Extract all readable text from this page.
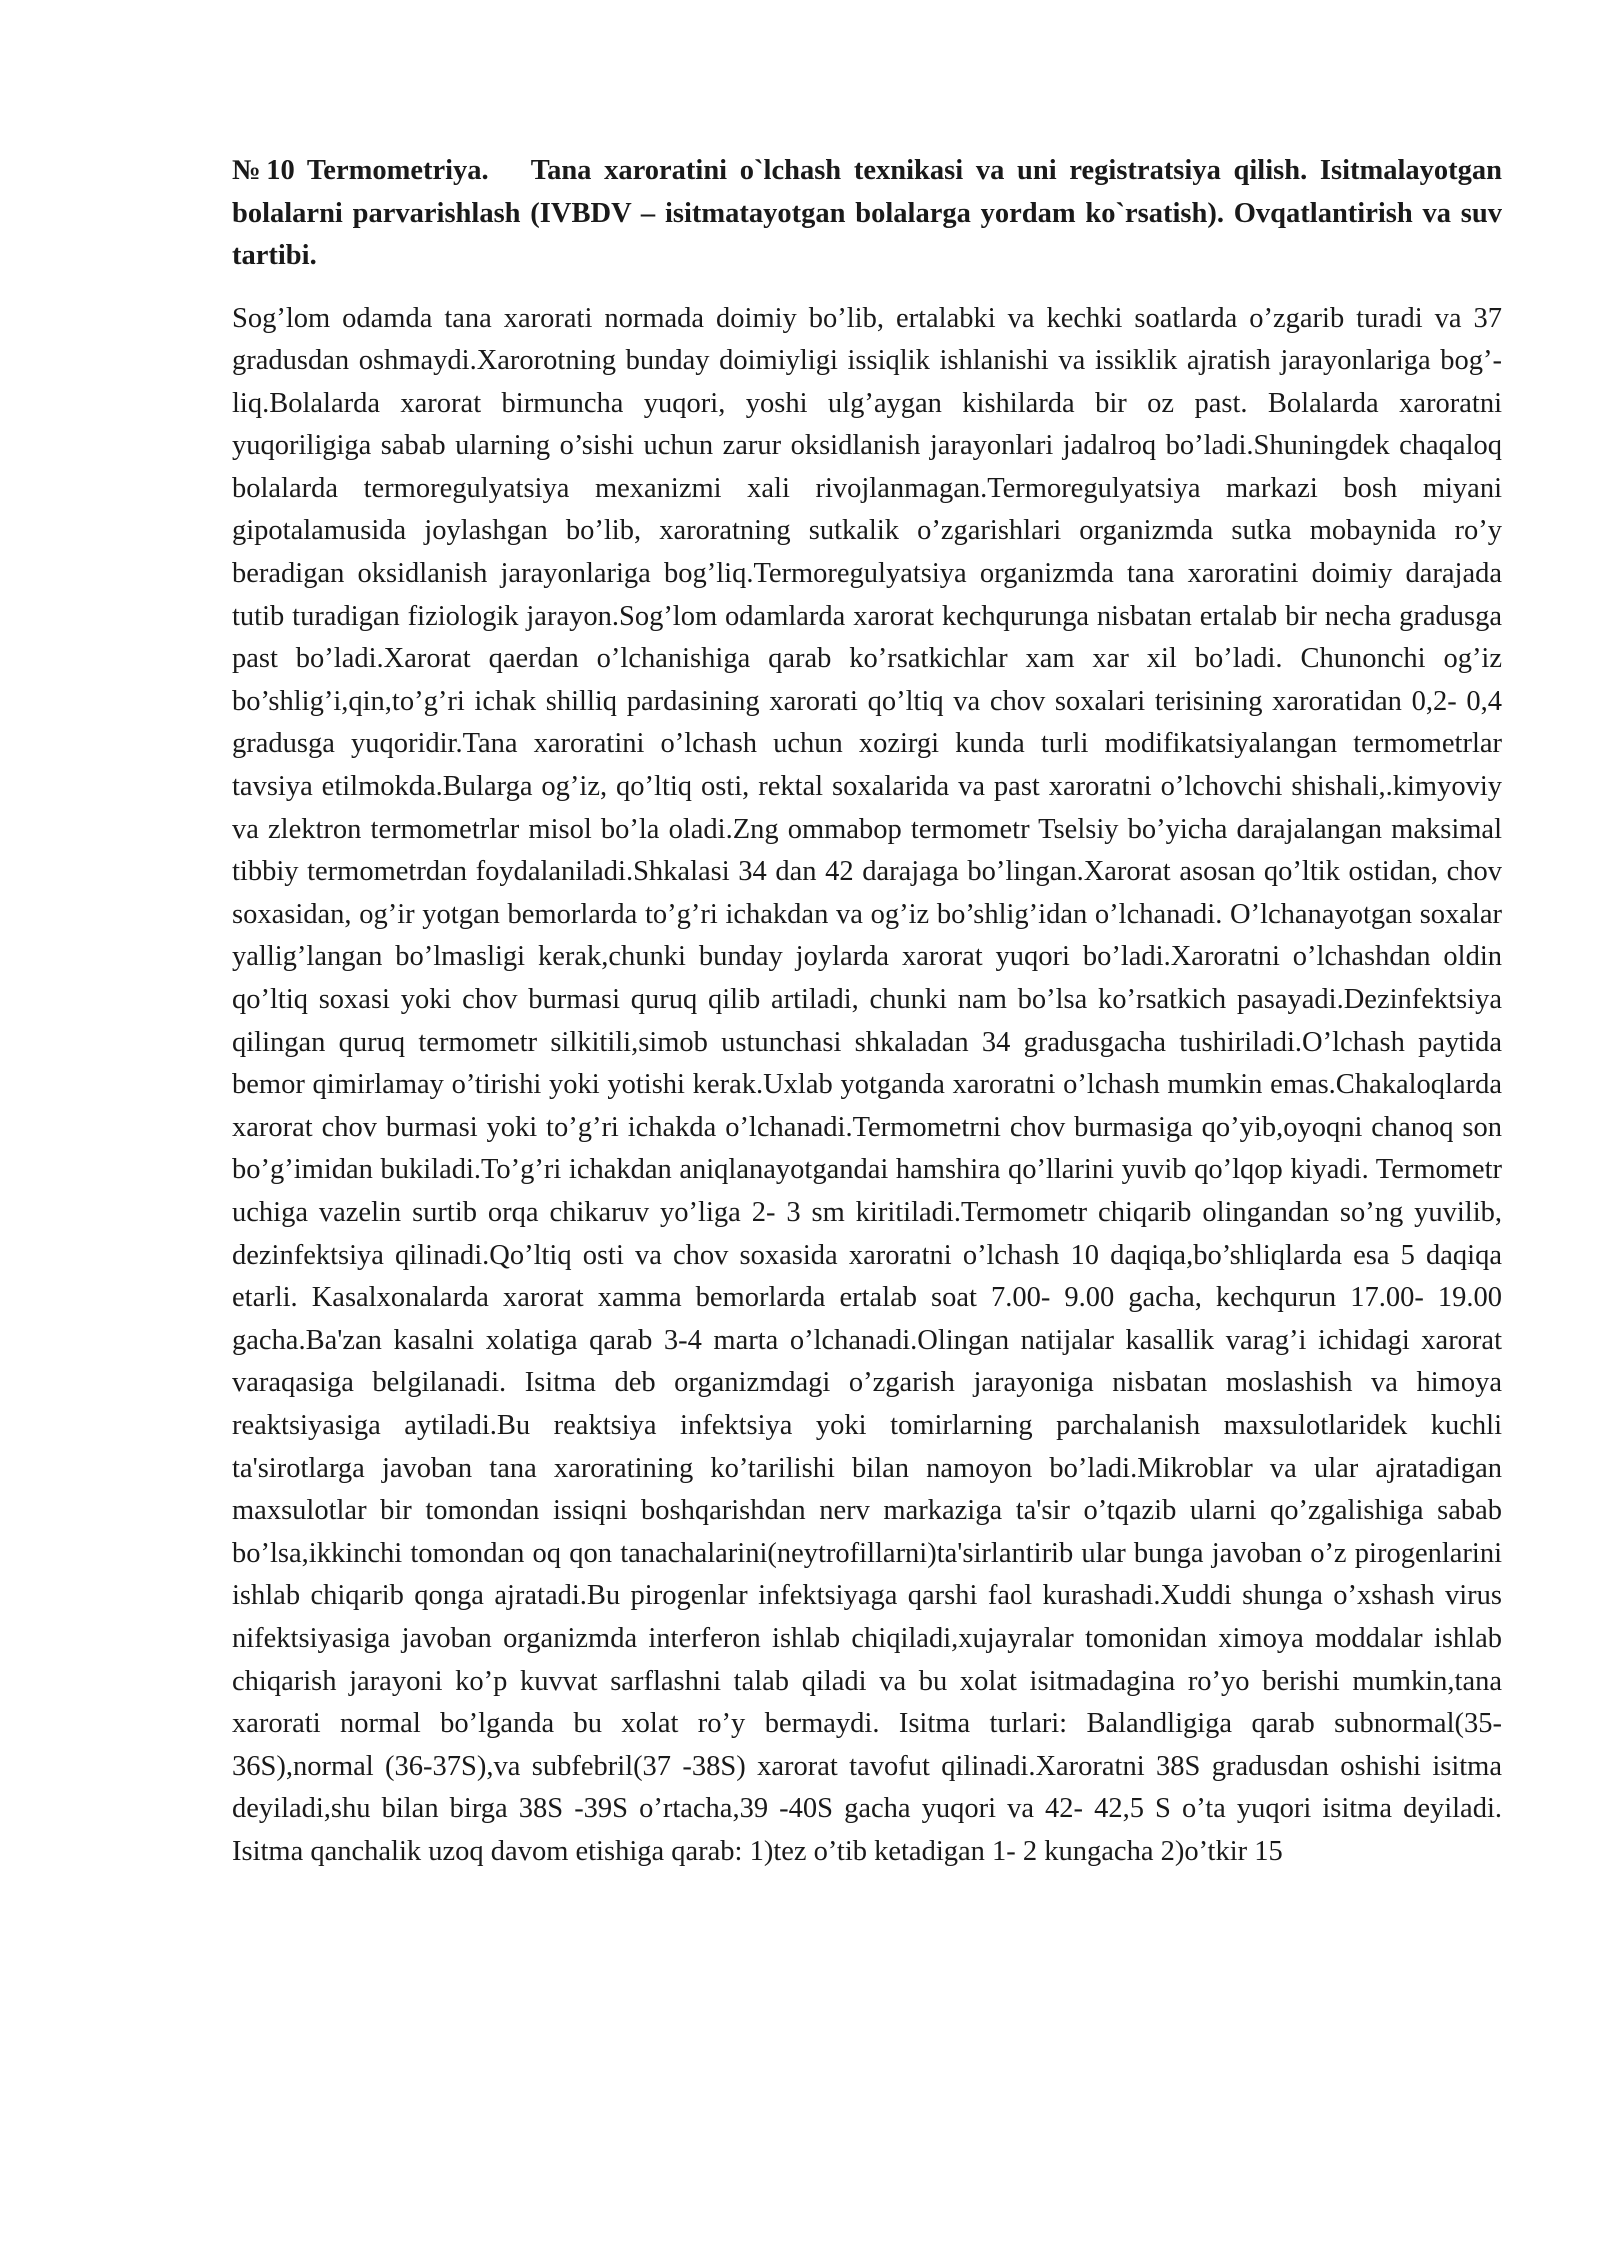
№10 Termometriya. Tana xaroratini o`lchash texnikasi va uni registratsiya qilish. Isitmalayotgan bolalarni parvarishlash (IVBDV – isitmatayotgan bolalarga yordam ko`rsatish). Ovqatlantirish va suv tartibi.

Sog’lom odamda tana xarorati normada doimiy bo’lib, ertalabki va kechki soatlarda o’zgarib turadi va 37 gradusdan oshmaydi.Xarorotning bunday doimiyligi issiqlik ishlanishi va issiklik ajratish jarayonlariga bog’-liq.Bolalarda xarorat birmuncha yuqori, yoshi ulg’aygan kishilarda bir oz past. Bolalarda xaroratni yuqoriligiga sabab ularning o’sishi uchun zarur oksidlanish jarayonlari jadalroq bo’ladi.Shuningdek chaqaloq bolalarda termoregulyatsiya mexanizmi xali rivojlanmagan.Termoregulyatsiya markazi bosh miyani gipotalamusida joylashgan bo’lib, xaroratning sutkalik o’zgarishlari organizmda sutka mobaynida ro’y beradigan oksidlanish jarayonlariga bog’liq.Termoregulyatsiya organizmda tana xaroratini doimiy darajada tutib turadigan fiziologik jarayon.Sog’lom odamlarda xarorat kechqurunga nisbatan ertalab bir necha gradusga past bo’ladi.Xarorat qaerdan o’lchanishiga qarab ko’rsatkichlar xam xar xil bo’ladi. Chunonchi og’iz bo’shlig’i,qin,to’g’ri ichak shilliq pardasining xarorati qo’ltiq va chov soxalari terisining xaroratidan 0,2- 0,4 gradusga yuqoridir.Tana xaroratini o’lchash uchun xozirgi kunda turli modifikatsiyalangan termometrlar tavsiya etilmokda.Bularga og’iz, qo’ltiq osti, rektal soxalarida va past xaroratni o’lchovchi shishali,.kimyoviy va zlektron termometrlar misol bo’la oladi.Zng ommabop termometr Tselsiy bo’yicha darajalangan maksimal tibbiy termometrdan foydalaniladi.Shkalasi 34 dan 42 darajaga bo’lingan.Xarorat asosan qo’ltik ostidan, chov soxasidan, og’ir yotgan bemorlarda to’g’ri ichakdan va og’iz bo’shlig’idan o’lchanadi. O’lchanayotgan soxalar yallig’langan bo’lmasligi kerak,chunki bunday joylarda xarorat yuqori bo’ladi.Xaroratni o’lchashdan oldin qo’ltiq soxasi yoki chov burmasi quruq qilib artiladi, chunki nam bo’lsa ko’rsatkich pasayadi.Dezinfektsiya qilingan quruq termometr silkitili,simob ustunchasi shkaladan 34 gradusgacha tushiriladi.O’lchash paytida bemor qimirlamay o’tirishi yoki yotishi kerak.Uxlab yotganda xaroratni o’lchash mumkin emas.Chakaloqlarda xarorat chov burmasi yoki to’g’ri ichakda o’lchanadi.Termometrni chov burmasiga qo’yib,oyoqni chanoq son bo’g’imidan bukiladi.To’g’ri ichakdan aniqlanayotgandai hamshira qo’llarini yuvib qo’lqop kiyadi. Termometr uchiga vazelin surtib orqa chikaruv yo’liga 2- 3 sm kiritiladi.Termometr chiqarib olingandan so’ng yuvilib, dezinfektsiya qilinadi.Qo’ltiq osti va chov soxasida xaroratni o’lchash 10 daqiqa,bo’shliqlarda esa 5 daqiqa etarli. Kasalxonalarda xarorat xamma bemorlarda ertalab soat 7.00- 9.00 gacha, kechqurun 17.00- 19.00 gacha.Ba'zan kasalni xolatiga qarab 3-4 marta o’lchanadi.Olingan natijalar kasallik varag’i ichidagi xarorat varaqasiga belgilanadi. Isitma deb organizmdagi o’zgarish jarayoniga nisbatan moslashish va himoya reaktsiyasiga aytiladi.Bu reaktsiya infektsiya yoki tomirlarning parchalanish maxsulotlaridek kuchli ta'sirotlarga javoban tana xaroratining ko’tarilishi bilan namoyon bo’ladi.Mikroblar va ular ajratadigan maxsulotlar bir tomondan issiqni boshqarishdan nerv markaziga ta'sir o’tqazib ularni qo’zgalishiga sabab bo’lsa,ikkinchi tomondan oq qon tanachalarini(neytrofillarni)ta'sirlantirib ular bunga javoban o’z pirogenlarini ishlab chiqarib qonga ajratadi.Bu pirogenlar infektsiyaga qarshi faol kurashadi.Xuddi shunga o’xshash virus nifektsiyasiga javoban organizmda interferon ishlab chiqiladi,xujayralar tomonidan ximoya moddalar ishlab chiqarish jarayoni ko’p kuvvat sarflashni talab qiladi va bu xolat isitmadagina ro’yo berishi mumkin,tana xarorati normal bo’lganda bu xolat ro’y bermaydi. Isitma turlari: Balandligiga qarab subnormal(35-36S),normal (36-37S),va subfebril(37 -38S) xarorat tavofut qilinadi.Xaroratni 38S gradusdan oshishi isitma deyiladi,shu bilan birga 38S -39S o’rtacha,39 -40S gacha yuqori va 42- 42,5 S o’ta yuqori isitma deyiladi. Isitma qanchalik uzoq davom etishiga qarab: 1)tez o’tib ketadigan 1- 2 kungacha 2)o’tkir 15
